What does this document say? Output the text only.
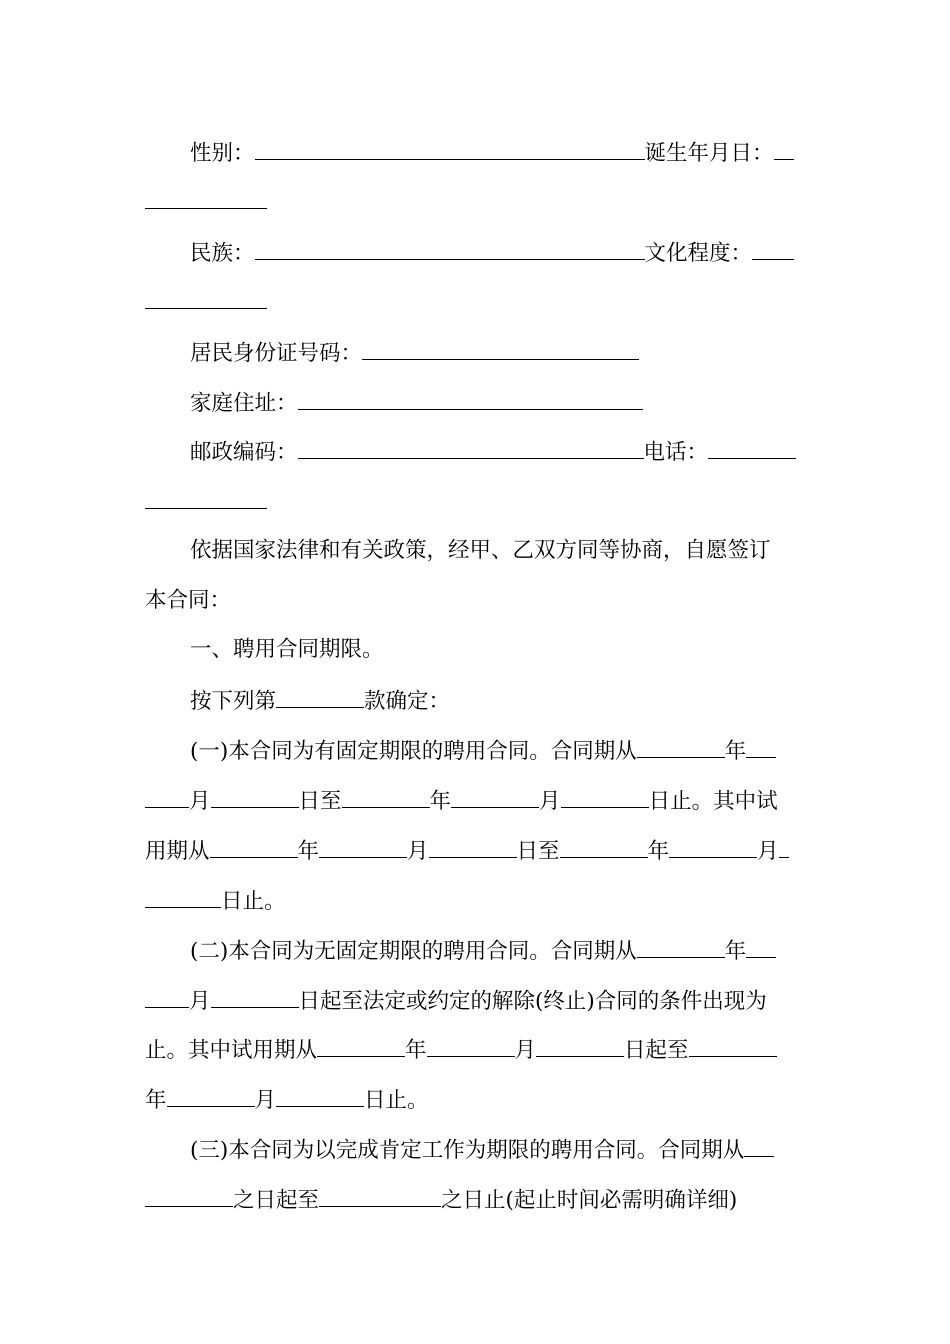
性别：	诞生年月日：
民族：	文化程度：
居民身份证号码：
家庭住址：
邮政编码：	电话：
依据国家法律和有关政策，经甲、乙双方同等协商，自愿签订
本合同：
一、聘用合同期限。
按下列第	款确定：
(一)本合同为有固定期限的聘用合同。合同期从	年
月	日至	年	月	日止。其中试
用期从	年	月	日至	年	月
日止。
(二)本合同为无固定期限的聘用合同。合同期从	年
月	日起至法定或约定的解除(终止)合同的条件出现为
止。其中试用期从	年	月	日起至
年	月	日止。
(三)本合同为以完成肯定工作为期限的聘用合同。合同期从
之日起至	之日止(起止时间必需明确详细)
